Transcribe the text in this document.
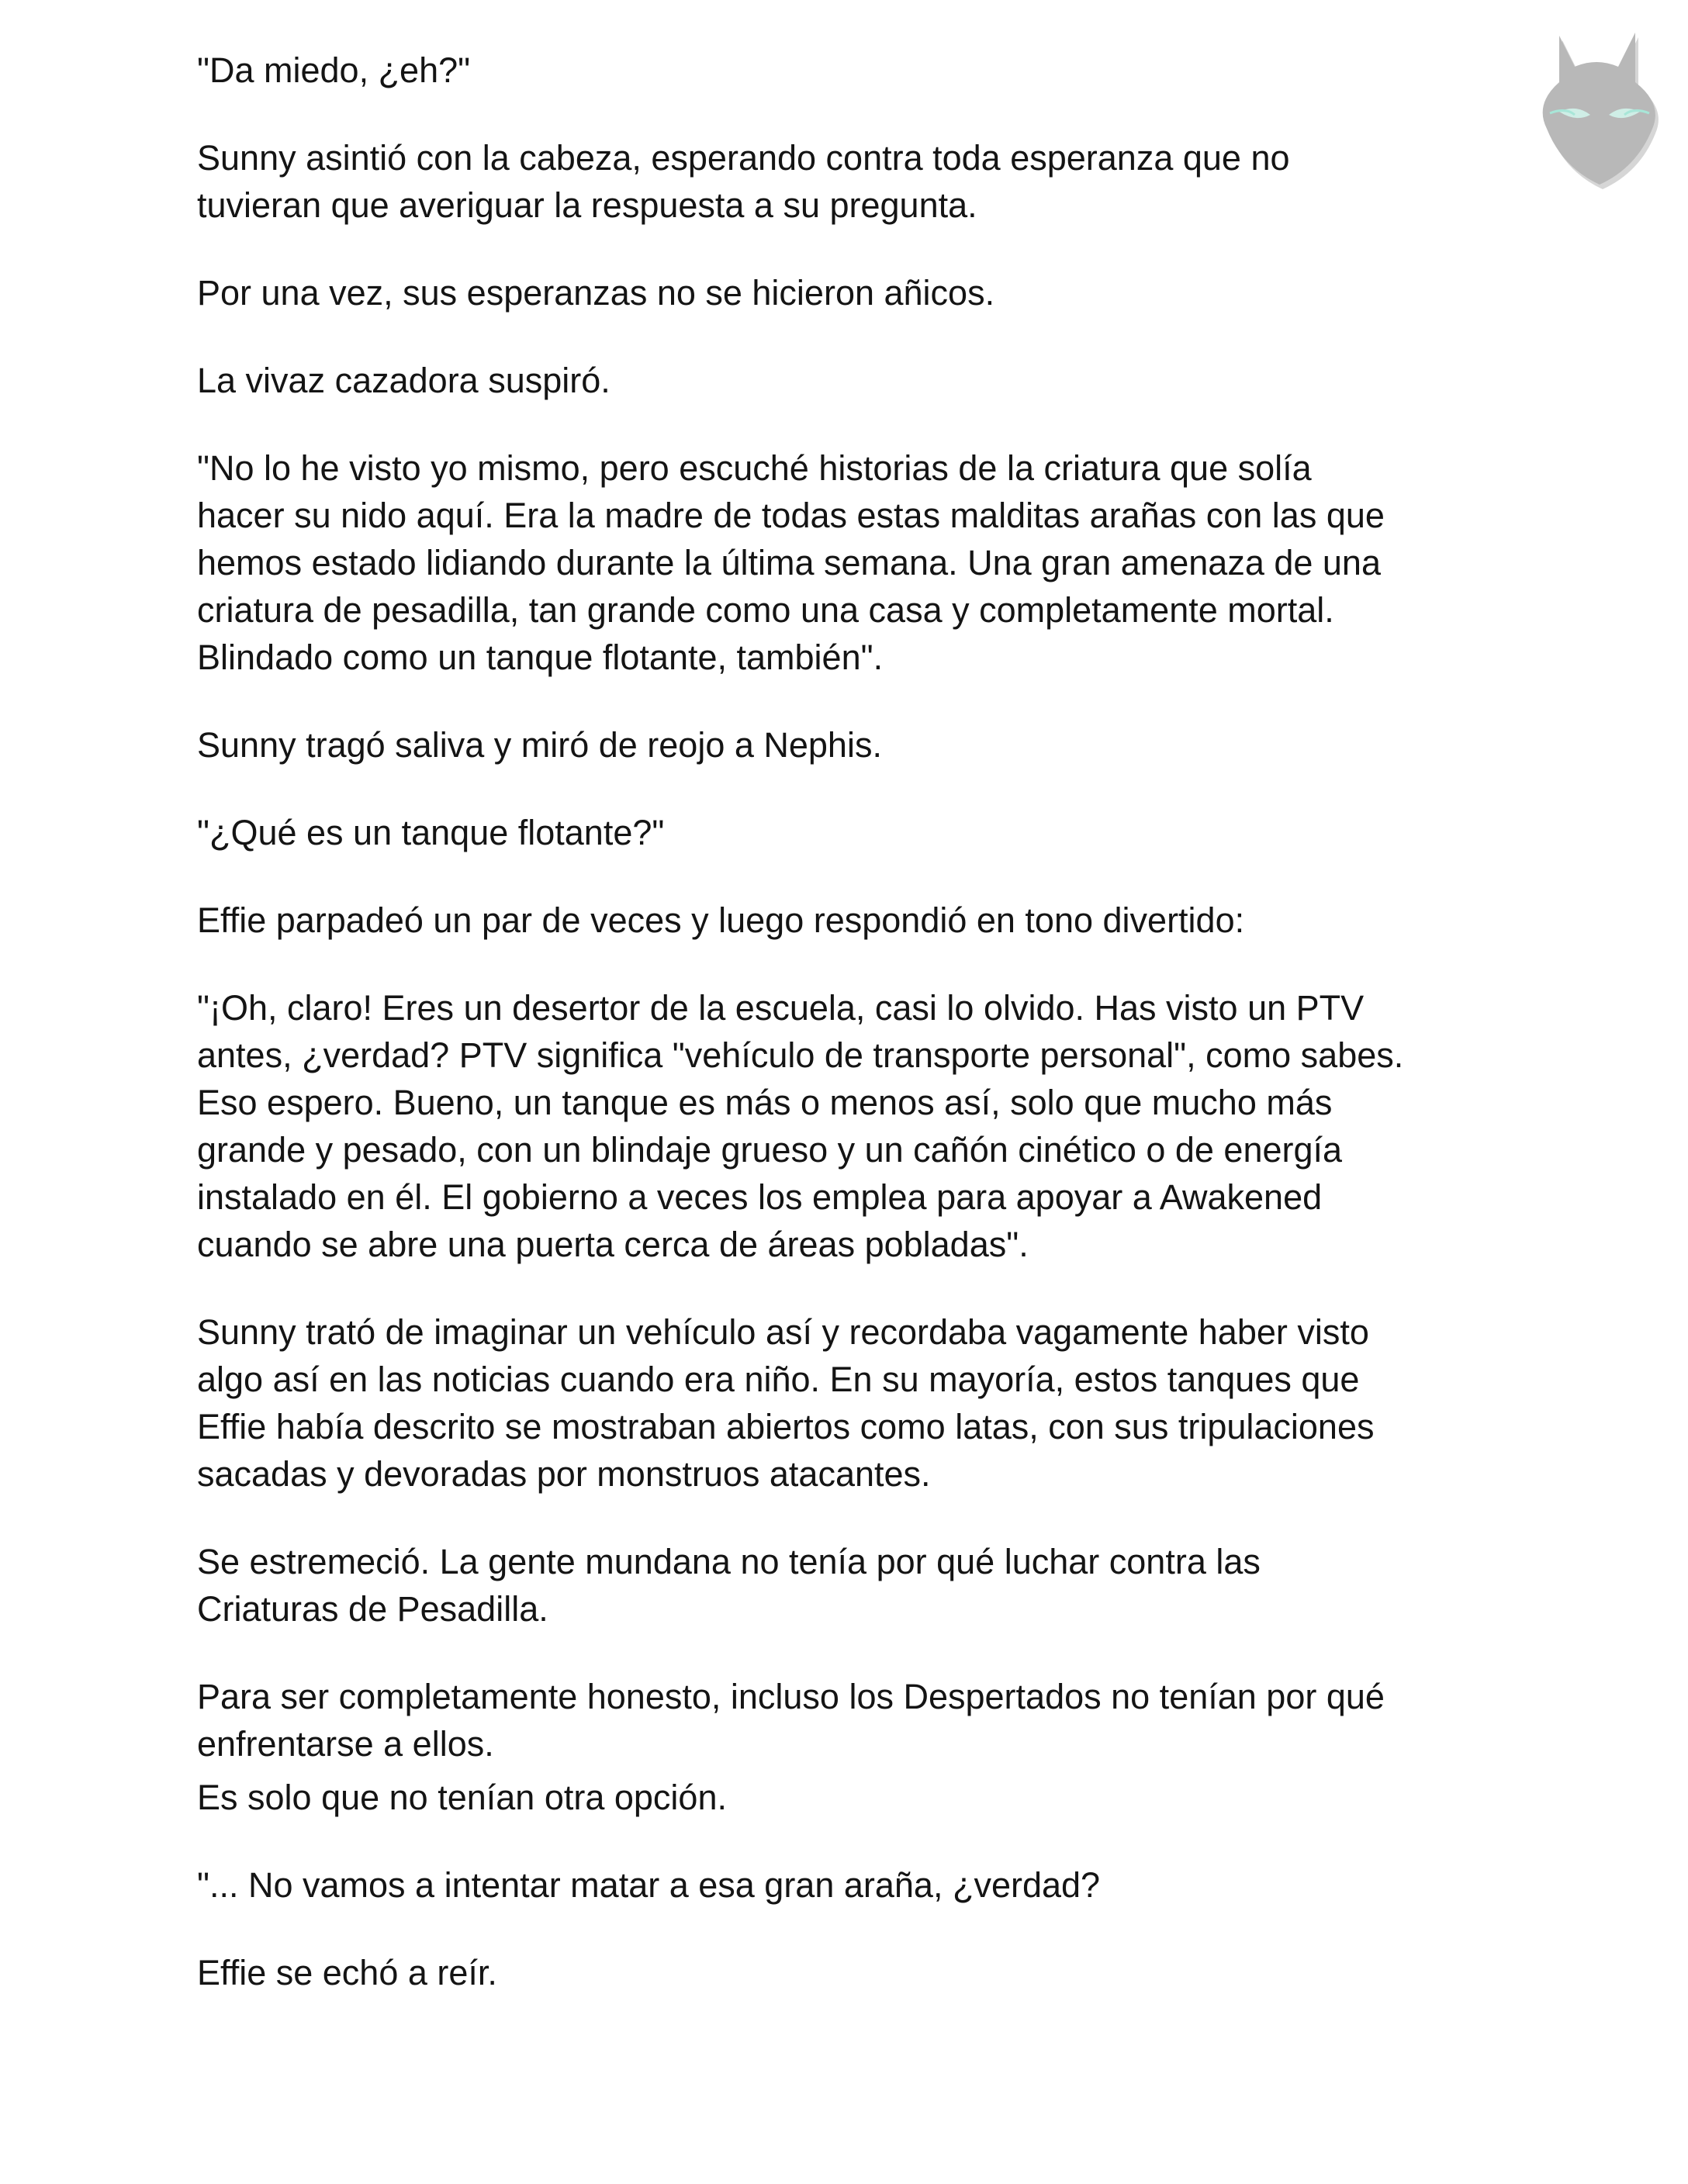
"Da miedo, ¿eh?"

Sunny asintió con la cabeza, esperando contra toda esperanza que no
tuvieran que averiguar la respuesta a su pregunta.

Por una vez, sus esperanzas no se hicieron añicos.

La vivaz cazadora suspiró.

"No lo he visto yo mismo, pero escuché historias de la criatura que solía
hacer su nido aquí. Era la madre de todas estas malditas arañas con las que
hemos estado lidiando durante la última semana. Una gran amenaza de una
criatura de pesadilla, tan grande como una casa y completamente mortal.
Blindado como un tanque flotante, también".

Sunny tragó saliva y miró de reojo a Nephis.

"¿Qué es un tanque flotante?"

Effie parpadeó un par de veces y luego respondió en tono divertido:

"¡Oh, claro! Eres un desertor de la escuela, casi lo olvido. Has visto un PTV
antes, ¿verdad? PTV significa "vehículo de transporte personal", como sabes.
Eso espero. Bueno, un tanque es más o menos así, solo que mucho más
grande y pesado, con un blindaje grueso y un cañón cinético o de energía
instalado en él. El gobierno a veces los emplea para apoyar a Awakened
cuando se abre una puerta cerca de áreas pobladas".

Sunny trató de imaginar un vehículo así y recordaba vagamente haber visto
algo así en las noticias cuando era niño. En su mayoría, estos tanques que
Effie había descrito se mostraban abiertos como latas, con sus tripulaciones
sacadas y devoradas por monstruos atacantes.

Se estremeció. La gente mundana no tenía por qué luchar contra las
Criaturas de Pesadilla.

Para ser completamente honesto, incluso los Despertados no tenían por qué
enfrentarse a ellos.

Es solo que no tenían otra opción.

"... No vamos a intentar matar a esa gran araña, ¿verdad?

Effie se echó a reír.
